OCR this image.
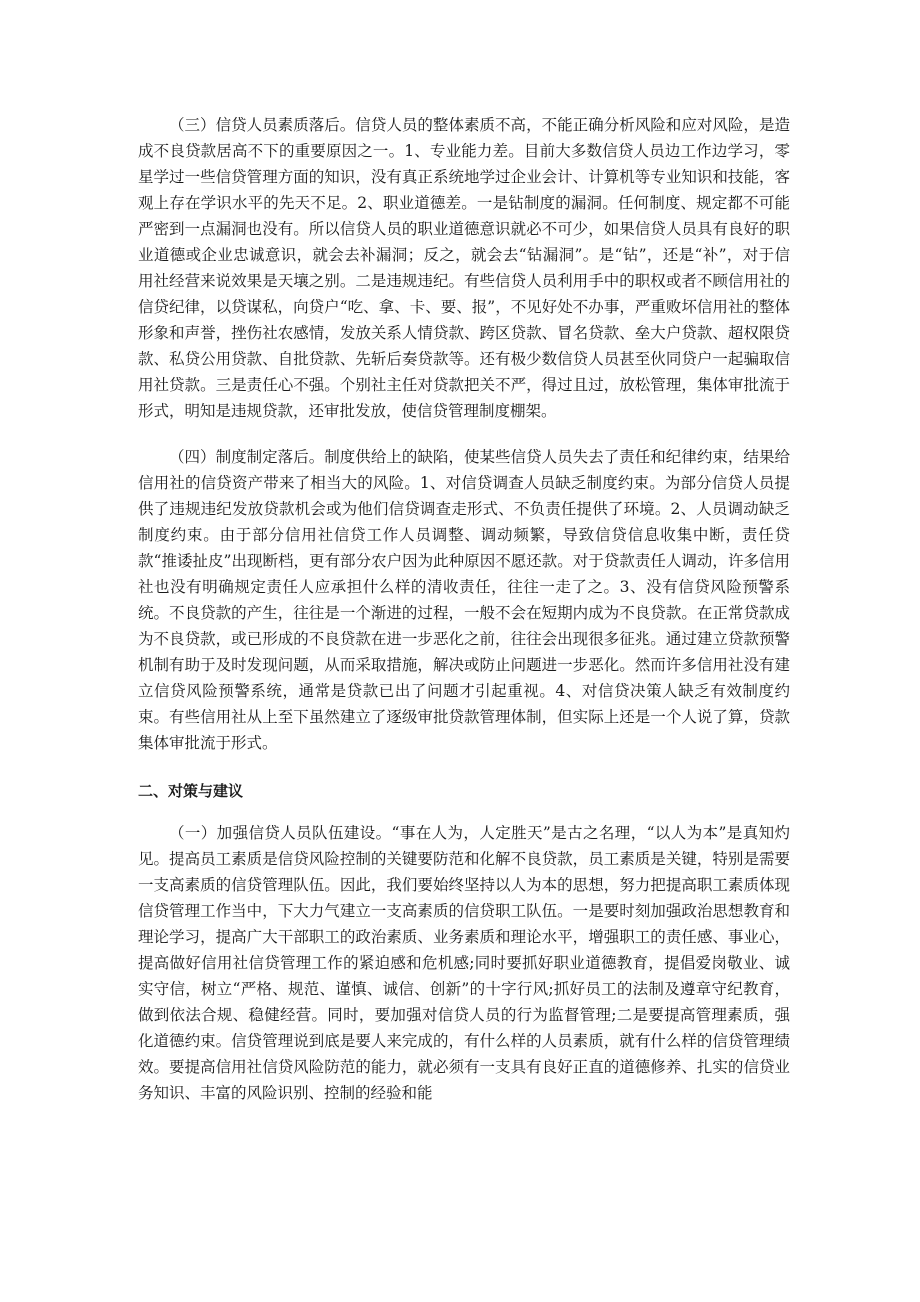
（三）信贷人员素质落后。信贷人员的整体素质不高，不能正确分析风险和应对风险，是造成不良贷款居高不下的重要原因之一。1、专业能力差。目前大多数信贷人员边工作边学习，零星学过一些信贷管理方面的知识，没有真正系统地学过企业会计、计算机等专业知识和技能，客观上存在学识水平的先天不足。2、职业道德差。一是钻制度的漏洞。任何制度、规定都不可能严密到一点漏洞也没有。所以信贷人员的职业道德意识就必不可少，如果信贷人员具有良好的职业道德或企业忠诚意识，就会去补漏洞；反之，就会去“钻漏洞”。是“钻”，还是“补”，对于信用社经营来说效果是天壤之别。二是违规违纪。有些信贷人员利用手中的职权或者不顾信用社的信贷纪律，以贷谋私，向贷户“吃、拿、卡、要、报”，不见好处不办事，严重败坏信用社的整体形象和声誉，挫伤社农感情，发放关系人情贷款、跨区贷款、冒名贷款、垒大户贷款、超权限贷款、私贷公用贷款、自批贷款、先斩后奏贷款等。还有极少数信贷人员甚至伙同贷户一起骗取信用社贷款。三是责任心不强。个别社主任对贷款把关不严，得过且过，放松管理，集体审批流于形式，明知是违规贷款，还审批发放，使信贷管理制度棚架。

（四）制度制定落后。制度供给上的缺陷，使某些信贷人员失去了责任和纪律约束，结果给信用社的信贷资产带来了相当大的风险。1、对信贷调查人员缺乏制度约束。为部分信贷人员提供了违规违纪发放贷款机会或为他们信贷调查走形式、不负责任提供了环境。2、人员调动缺乏制度约束。由于部分信用社信贷工作人员调整、调动频繁，导致信贷信息收集中断，责任贷款“推诿扯皮”出现断档，更有部分农户因为此种原因不愿还款。对于贷款责任人调动，许多信用社也没有明确规定责任人应承担什么样的清收责任，往往一走了之。3、没有信贷风险预警系统。不良贷款的产生，往往是一个渐进的过程，一般不会在短期内成为不良贷款。在正常贷款成为不良贷款，或已形成的不良贷款在进一步恶化之前，往往会出现很多征兆。通过建立贷款预警机制有助于及时发现问题，从而采取措施，解决或防止问题进一步恶化。然而许多信用社没有建立信贷风险预警系统，通常是贷款已出了问题才引起重视。4、对信贷决策人缺乏有效制度约束。有些信用社从上至下虽然建立了逐级审批贷款管理体制，但实际上还是一个人说了算，贷款集体审批流于形式。

二、对策与建议

（一）加强信贷人员队伍建设。“事在人为，人定胜天”是古之名理，“以人为本”是真知灼见。提高员工素质是信贷风险控制的关键要防范和化解不良贷款，员工素质是关键，特别是需要一支高素质的信贷管理队伍。因此，我们要始终坚持以人为本的思想，努力把提高职工素质体现信贷管理工作当中，下大力气建立一支高素质的信贷职工队伍。一是要时刻加强政治思想教育和理论学习，提高广大干部职工的政治素质、业务素质和理论水平，增强职工的责任感、事业心，提高做好信用社信贷管理工作的紧迫感和危机感;同时要抓好职业道德教育，提倡爱岗敬业、诚实守信，树立“严格、规范、谨慎、诚信、创新”的十字行风;抓好员工的法制及遵章守纪教育，做到依法合规、稳健经营。同时，要加强对信贷人员的行为监督管理;二是要提高管理素质，强化道德约束。信贷管理说到底是要人来完成的，有什么样的人员素质，就有什么样的信贷管理绩效。要提高信用社信贷风险防范的能力，就必须有一支具有良好正直的道德修养、扎实的信贷业务知识、丰富的风险识别、控制的经验和能
